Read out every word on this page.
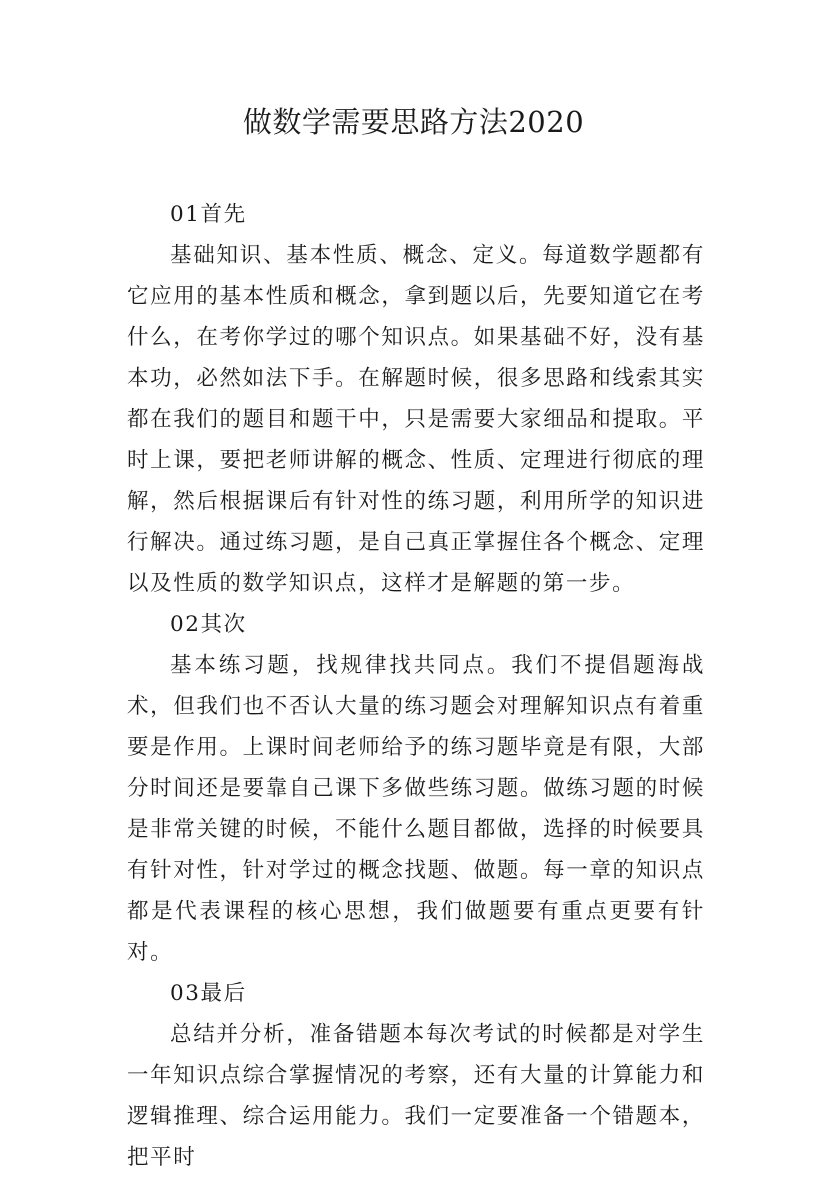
做数学需要思路方法2020

01首先

基础知识、基本性质、概念、定义。每道数学题都有它应用的基本性质和概念，拿到题以后，先要知道它在考什么，在考你学过的哪个知识点。如果基础不好，没有基本功，必然如法下手。在解题时候，很多思路和线索其实都在我们的题目和题干中，只是需要大家细品和提取。平时上课，要把老师讲解的概念、性质、定理进行彻底的理解，然后根据课后有针对性的练习题，利用所学的知识进行解决。通过练习题，是自己真正掌握住各个概念、定理以及性质的数学知识点，这样才是解题的第一步。

02其次

基本练习题，找规律找共同点。我们不提倡题海战术，但我们也不否认大量的练习题会对理解知识点有着重要是作用。上课时间老师给予的练习题毕竟是有限，大部分时间还是要靠自己课下多做些练习题。做练习题的时候是非常关键的时候，不能什么题目都做，选择的时候要具有针对性，针对学过的概念找题、做题。每一章的知识点都是代表课程的核心思想，我们做题要有重点更要有针对。

03最后

总结并分析，准备错题本每次考试的时候都是对学生一年知识点综合掌握情况的考察，还有大量的计算能力和逻辑推理、综合运用能力。我们一定要准备一个错题本，把平时
